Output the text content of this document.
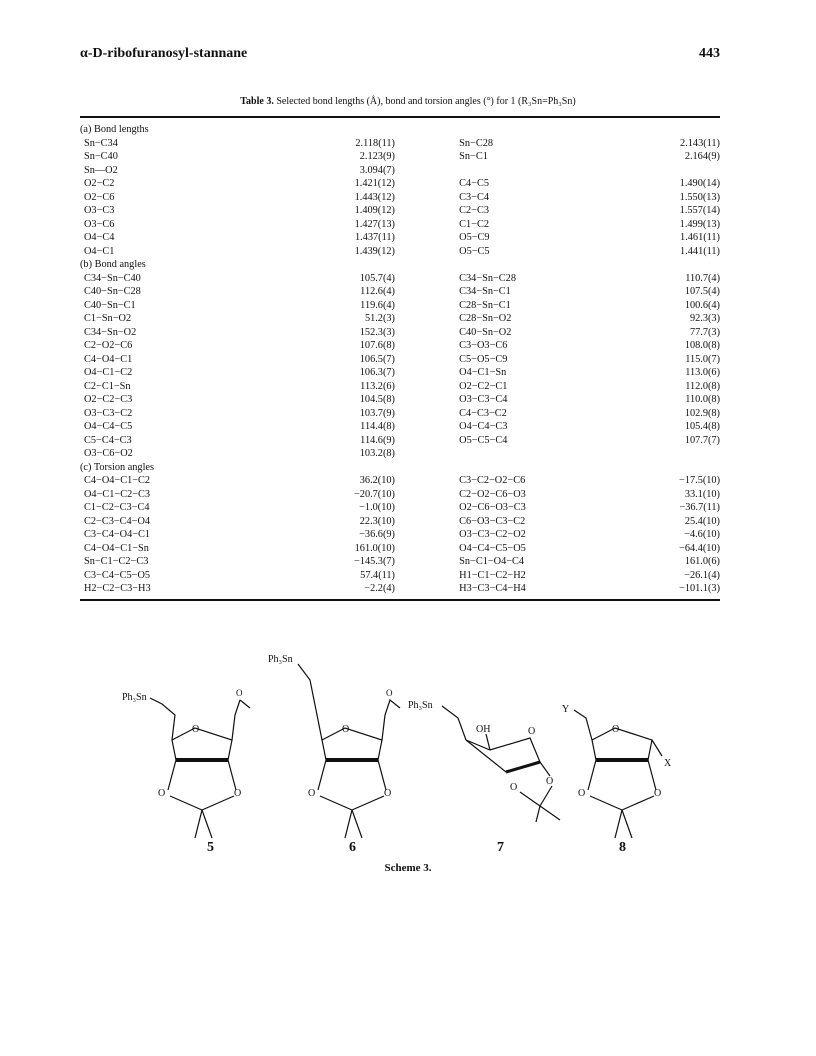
α-D-ribofuranosyl-stannane	443
Table 3. Selected bond lengths (Å), bond and torsion angles (°) for 1 (R₃Sn=Ph₃Sn)
(a) Bond lengths				
Sn−C34	2.118(11)		Sn−C28	2.143(11)
Sn−C40	2.123(9)		Sn−C1	2.164(9)
Sn—O2	3.094(7)			
O2−C2	1.421(12)		C4−C5	1.490(14)
O2−C6	1.443(12)		C3−C4	1.550(13)
O3−C3	1.409(12)		C2−C3	1.557(14)
O3−C6	1.427(13)		C1−C2	1.499(13)
O4−C4	1.437(11)		O5−C9	1.461(11)
O4−C1	1.439(12)		O5−C5	1.441(11)
(b) Bond angles				
C34−Sn−C40	105.7(4)		C34−Sn−C28	110.7(4)
C40−Sn−C28	112.6(4)		C34−Sn−C1	107.5(4)
C40−Sn−C1	119.6(4)		C28−Sn−C1	100.6(4)
C1−Sn−O2	51.2(3)		C28−Sn−O2	92.3(3)
C34−Sn−O2	152.3(3)		C40−Sn−O2	77.7(3)
C2−O2−C6	107.6(8)		C3−O3−C6	108.0(8)
C4−O4−C1	106.5(7)		C5−O5−C9	115.0(7)
O4−C1−C2	106.3(7)		O4−C1−Sn	113.0(6)
C2−C1−Sn	113.2(6)		O2−C2−C1	112.0(8)
O2−C2−C3	104.5(8)		O3−C3−C4	110.0(8)
O3−C3−C2	103.7(9)		C4−C3−C2	102.9(8)
O4−C4−C5	114.4(8)		O4−C4−C3	105.4(8)
C5−C4−C3	114.6(9)		O5−C5−C4	107.7(7)
O3−C6−O2	103.2(8)			
(c) Torsion angles				
C4−O4−C1−C2	36.2(10)		C3−C2−O2−C6	−17.5(10)
O4−C1−C2−C3	−20.7(10)		C2−O2−C6−O3	33.1(10)
C1−C2−C3−C4	−1.0(10)		O2−C6−O3−C3	−36.7(11)
C2−C3−C4−O4	22.3(10)		C6−O3−C3−C2	25.4(10)
C3−C4−O4−C1	−36.6(9)		O3−C3−C2−O2	−4.6(10)
C4−O4−C1−Sn	161.0(10)		O4−C4−C5−O5	−64.4(10)
Sn−C1−C2−C3	−145.3(7)		Sn−C1−O4−C4	161.0(6)
C3−C4−C5−O5	57.4(11)		H1−C1−C2−H2	−26.1(4)
H2−C2−C3−H3	−2.2(4)		H3−C3−C4−H4	−101.1(3)
Ph₃Sn	O
O
O	O
Ph₃Sn
O
O
O	O
Ph₃Sn
OH	O
O
O
Y
O
X
O	O
5	6	7	8
Scheme 3.
